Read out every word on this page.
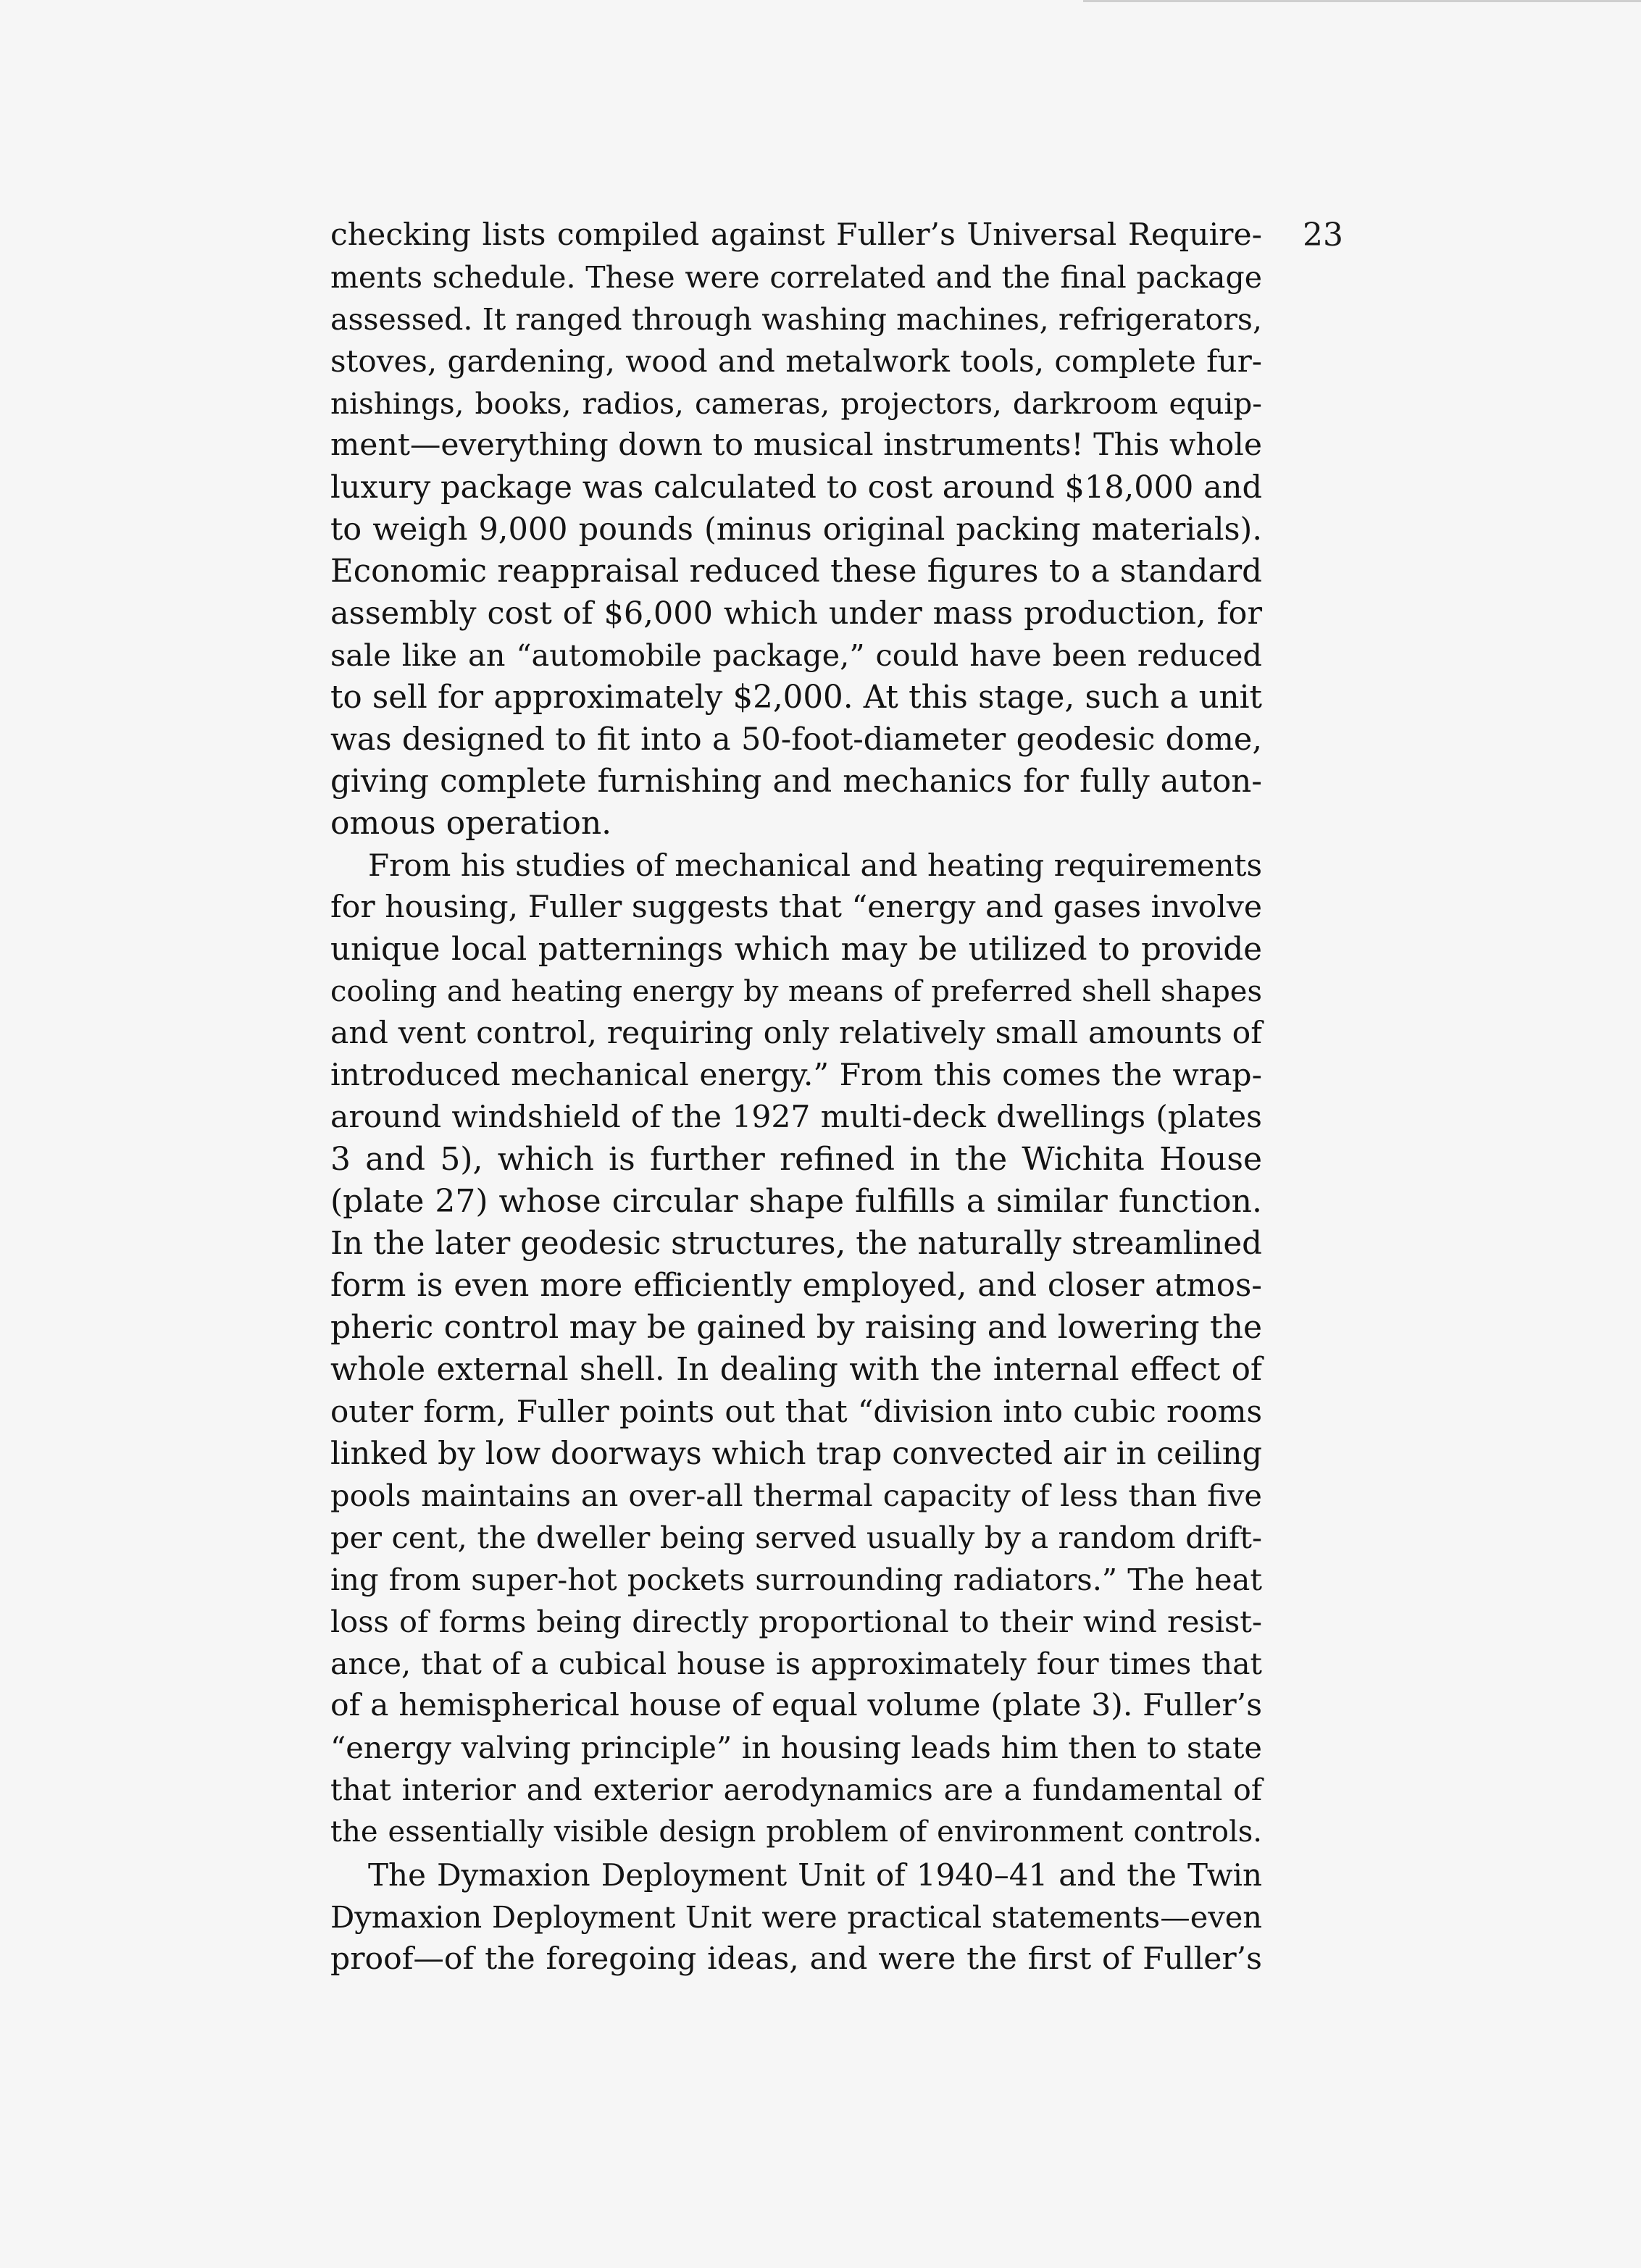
23
checking lists compiled against Fuller’s Universal Require-
ments schedule. These were correlated and the final package
assessed. It ranged through washing machines, refrigerators,
stoves, gardening, wood and metalwork tools, complete fur-
nishings, books, radios, cameras, projectors, darkroom equip-
ment—everything down to musical instruments! This whole
luxury package was calculated to cost around $18,000 and
to weigh 9,000 pounds (minus original packing materials).
Economic reappraisal reduced these figures to a standard
assembly cost of $6,000 which under mass production, for
sale like an “automobile package,” could have been reduced
to sell for approximately $2,000. At this stage, such a unit
was designed to fit into a 50-foot-diameter geodesic dome,
giving complete furnishing and mechanics for fully auton-
omous operation.
From his studies of mechanical and heating requirements
for housing, Fuller suggests that “energy and gases involve
unique local patternings which may be utilized to provide
cooling and heating energy by means of preferred shell shapes
and vent control, requiring only relatively small amounts of
introduced mechanical energy.” From this comes the wrap-
around windshield of the 1927 multi-deck dwellings (plates
3 and 5), which is further refined in the Wichita House
(plate 27) whose circular shape fulfills a similar function.
In the later geodesic structures, the naturally streamlined
form is even more efficiently employed, and closer atmos-
pheric control may be gained by raising and lowering the
whole external shell. In dealing with the internal effect of
outer form, Fuller points out that “division into cubic rooms
linked by low doorways which trap convected air in ceiling
pools maintains an over-all thermal capacity of less than five
per cent, the dweller being served usually by a random drift-
ing from super-hot pockets surrounding radiators.” The heat
loss of forms being directly proportional to their wind resist-
ance, that of a cubical house is approximately four times that
of a hemispherical house of equal volume (plate 3). Fuller’s
“energy valving principle” in housing leads him then to state
that interior and exterior aerodynamics are a fundamental of
the essentially visible design problem of environment controls.
The Dymaxion Deployment Unit of 1940–41 and the Twin
Dymaxion Deployment Unit were practical statements—even
proof—of the foregoing ideas, and were the first of Fuller’s
